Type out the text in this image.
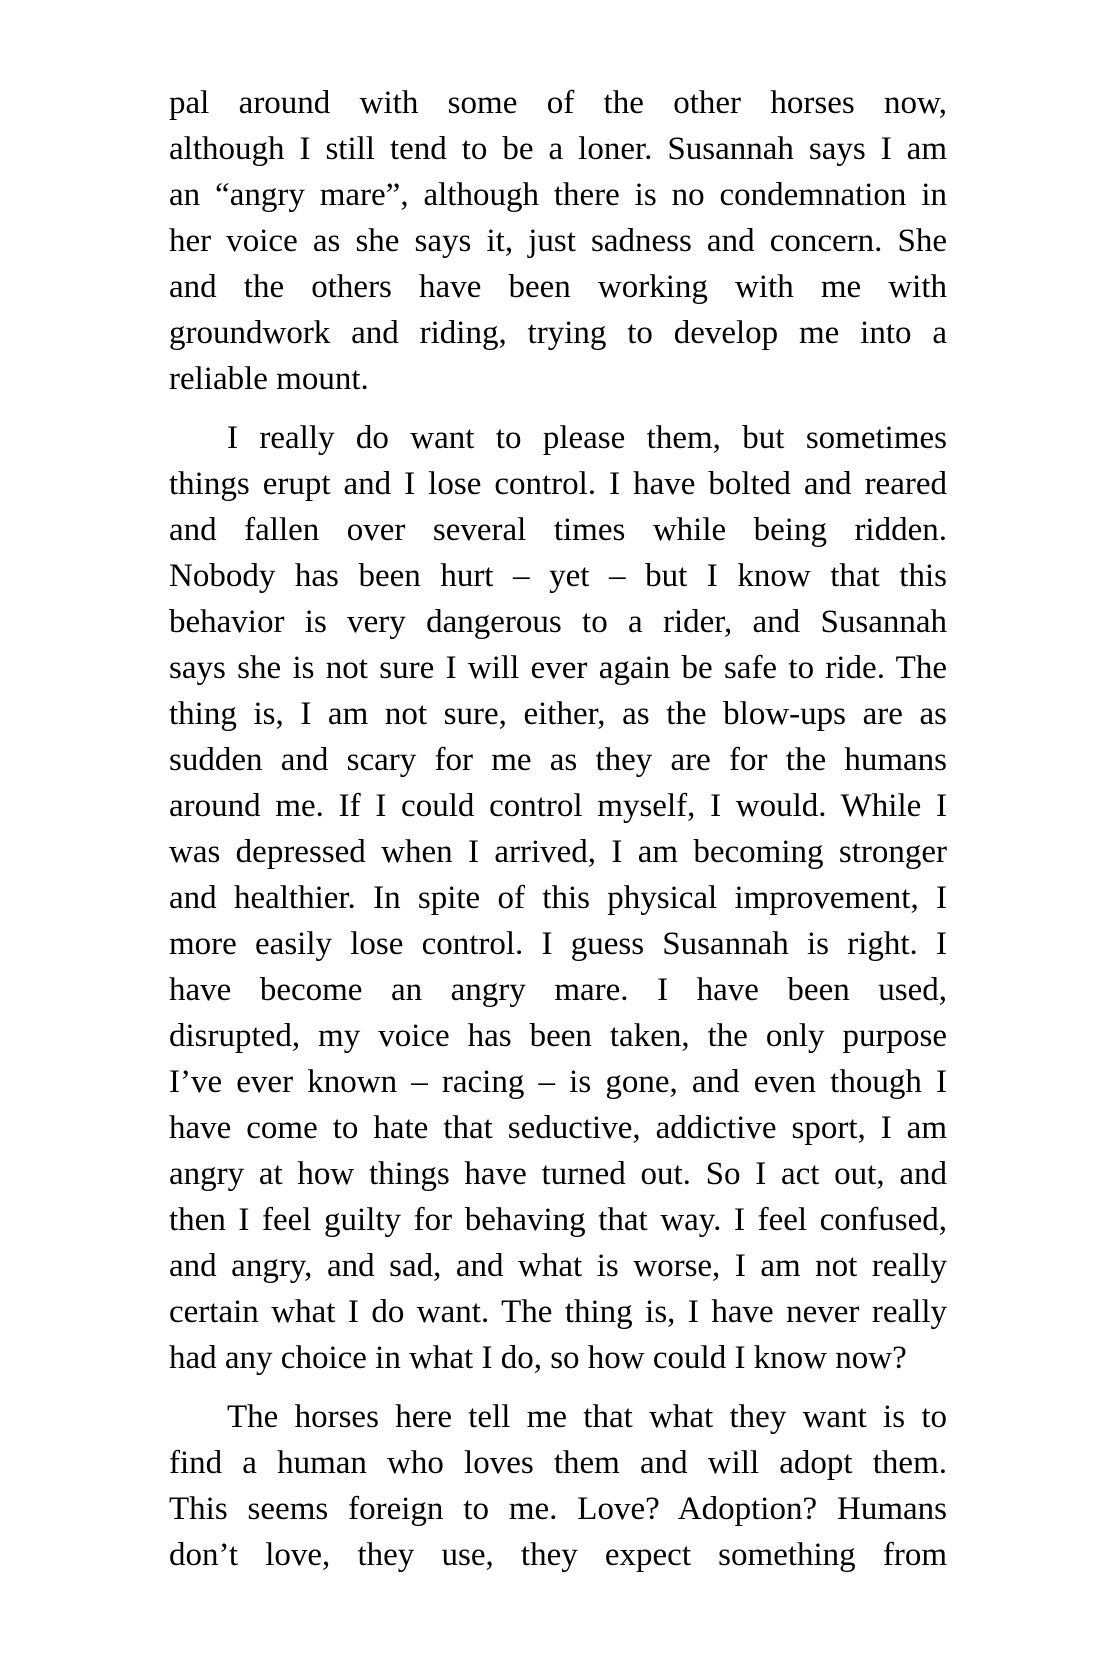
pal around with some of the other horses now,
although I still tend to be a loner. Susannah says I am
an “angry mare”, although there is no condemnation in
her voice as she says it, just sadness and concern. She
and the others have been working with me with
groundwork and riding, trying to develop me into a
reliable mount.
I really do want to please them, but sometimes
things erupt and I lose control. I have bolted and reared
and fallen over several times while being ridden.
Nobody has been hurt – yet – but I know that this
behavior is very dangerous to a rider, and Susannah
says she is not sure I will ever again be safe to ride. The
thing is, I am not sure, either, as the blow-ups are as
sudden and scary for me as they are for the humans
around me. If I could control myself, I would. While I
was depressed when I arrived, I am becoming stronger
and healthier. In spite of this physical improvement, I
more easily lose control. I guess Susannah is right. I
have become an angry mare. I have been used,
disrupted, my voice has been taken, the only purpose
I’ve ever known – racing – is gone, and even though I
have come to hate that seductive, addictive sport, I am
angry at how things have turned out. So I act out, and
then I feel guilty for behaving that way. I feel confused,
and angry, and sad, and what is worse, I am not really
certain what I do want. The thing is, I have never really
had any choice in what I do, so how could I know now?
The horses here tell me that what they want is to
find a human who loves them and will adopt them.
This seems foreign to me. Love? Adoption? Humans
don’t love, they use, they expect something from
